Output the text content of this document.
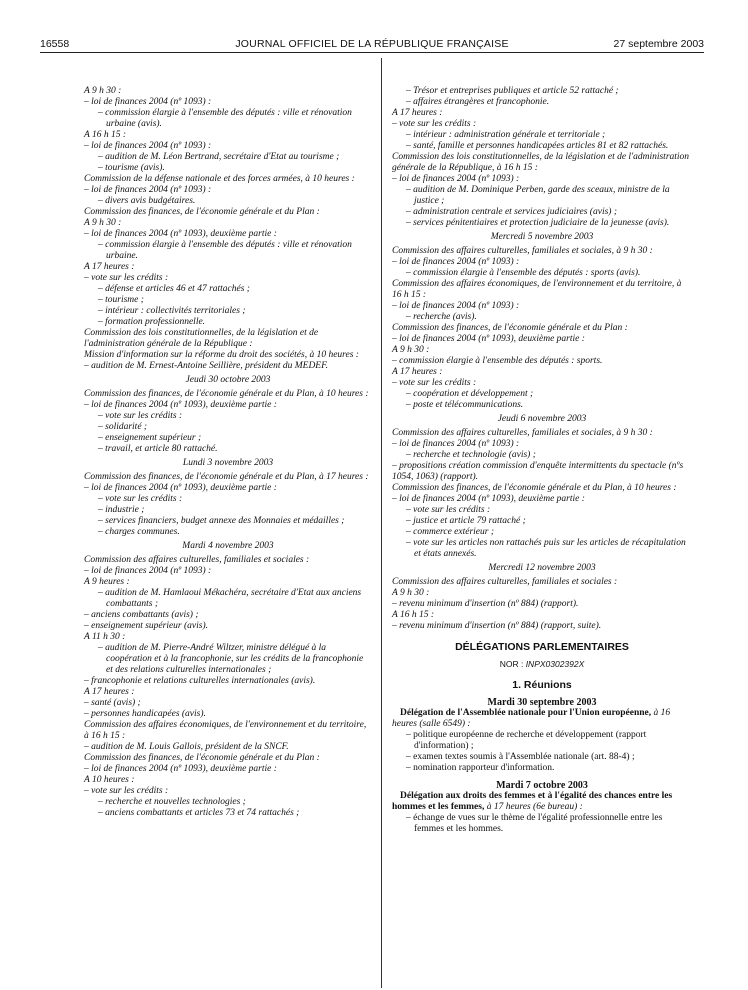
16558	JOURNAL OFFICIEL DE LA RÉPUBLIQUE FRANÇAISE	27 septembre 2003
A 9 h 30 :
– loi de finances 2004 (nº 1093) :
– commission élargie à l'ensemble des députés : ville et rénovation urbaine (avis).
A 16 h 15 :
– loi de finances 2004 (nº 1093) :
– audition de M. Léon Bertrand, secrétaire d'Etat au tourisme ;
– tourisme (avis).
Commission de la défense nationale et des forces armées, à 10 heures :
– loi de finances 2004 (nº 1093) :
– divers avis budgétaires.
Commission des finances, de l'économie générale et du Plan :
A 9 h 30 :
– loi de finances 2004 (nº 1093), deuxième partie :
– commission élargie à l'ensemble des députés : ville et rénovation urbaine.
A 17 heures :
– vote sur les crédits :
– défense et articles 46 et 47 rattachés ;
– tourisme ;
– intérieur : collectivités territoriales ;
– formation professionnelle.
Commission des lois constitutionnelles, de la législation et de l'administration générale de la République :
Mission d'information sur la réforme du droit des sociétés, à 10 heures :
– audition de M. Ernest-Antoine Seillière, président du MEDEF.
Jeudi 30 octobre 2003
Commission des finances, de l'économie générale et du Plan, à 10 heures :
– loi de finances 2004 (nº 1093), deuxième partie :
– vote sur les crédits :
– solidarité ;
– enseignement supérieur ;
– travail, et article 80 rattaché.
Lundi 3 novembre 2003
Commission des finances, de l'économie générale et du Plan, à 17 heures :
– loi de finances 2004 (nº 1093), deuxième partie :
– vote sur les crédits :
– industrie ;
– services financiers, budget annexe des Monnaies et médailles ;
– charges communes.
Mardi 4 novembre 2003
Commission des affaires culturelles, familiales et sociales :
– loi de finances 2004 (nº 1093) :
A 9 heures :
– audition de M. Hamlaoui Mékachéra, secrétaire d'Etat aux anciens combattants ;
– anciens combattants (avis) ;
– enseignement supérieur (avis).
A 11 h 30 :
– audition de M. Pierre-André Wiltzer, ministre délégué à la coopération et à la francophonie, sur les crédits de la francophonie et des relations culturelles internationales ;
– francophonie et relations culturelles internationales (avis).
A 17 heures :
– santé (avis) ;
– personnes handicapées (avis).
Commission des affaires économiques, de l'environnement et du territoire, à 16 h 15 :
– audition de M. Louis Gallois, président de la SNCF.
Commission des finances, de l'économie générale et du Plan :
– loi de finances 2004 (nº 1093), deuxième partie :
A 10 heures :
– vote sur les crédits :
– recherche et nouvelles technologies ;
– anciens combattants et articles 73 et 74 rattachés ;
– Trésor et entreprises publiques et article 52 rattaché ;
– affaires étrangères et francophonie.
A 17 heures :
– vote sur les crédits :
– intérieur : administration générale et territoriale ;
– santé, famille et personnes handicapées articles 81 et 82 rattachés.
Commission des lois constitutionnelles, de la législation et de l'administration générale de la République, à 16 h 15 :
– loi de finances 2004 (nº 1093) :
– audition de M. Dominique Perben, garde des sceaux, ministre de la justice ;
– administration centrale et services judiciaires (avis) ;
– services pénitentiaires et protection judiciaire de la jeunesse (avis).
Mercredi 5 novembre 2003
Commission des affaires culturelles, familiales et sociales, à 9 h 30 :
– loi de finances 2004 (nº 1093) :
– commission élargie à l'ensemble des députés : sports (avis).
Commission des affaires économiques, de l'environnement et du territoire, à 16 h 15 :
– loi de finances 2004 (nº 1093) :
– recherche (avis).
Commission des finances, de l'économie générale et du Plan :
– loi de finances 2004 (nº 1093), deuxième partie :
A 9 h 30 :
– commission élargie à l'ensemble des députés : sports.
A 17 heures :
– vote sur les crédits :
– coopération et développement ;
– poste et télécommunications.
Jeudi 6 novembre 2003
Commission des affaires culturelles, familiales et sociales, à 9 h 30 :
– loi de finances 2004 (nº 1093) :
– recherche et technologie (avis) ;
– propositions création commission d'enquête intermittents du spectacle (nºs 1054, 1063) (rapport).
Commission des finances, de l'économie générale et du Plan, à 10 heures :
– loi de finances 2004 (nº 1093), deuxième partie :
– vote sur les crédits :
– justice et article 79 rattaché ;
– commerce extérieur ;
– vote sur les articles non rattachés puis sur les articles de récapitulation et états annexés.
Mercredi 12 novembre 2003
Commission des affaires culturelles, familiales et sociales :
A 9 h 30 :
– revenu minimum d'insertion (nº 884) (rapport).
A 16 h 15 :
– revenu minimum d'insertion (nº 884) (rapport, suite).
DÉLÉGATIONS PARLEMENTAIRES
NOR : INPX0302392X
1. Réunions
Mardi 30 septembre 2003
Délégation de l'Assemblée nationale pour l'Union européenne, à 16 heures (salle 6549) :
– politique européenne de recherche et développement (rapport d'information) ;
– examen textes soumis à l'Assemblée nationale (art. 88-4) ;
– nomination rapporteur d'information.
Mardi 7 octobre 2003
Délégation aux droits des femmes et à l'égalité des chances entre les hommes et les femmes, à 17 heures (6e bureau) :
– échange de vues sur le thème de l'égalité professionnelle entre les femmes et les hommes.
